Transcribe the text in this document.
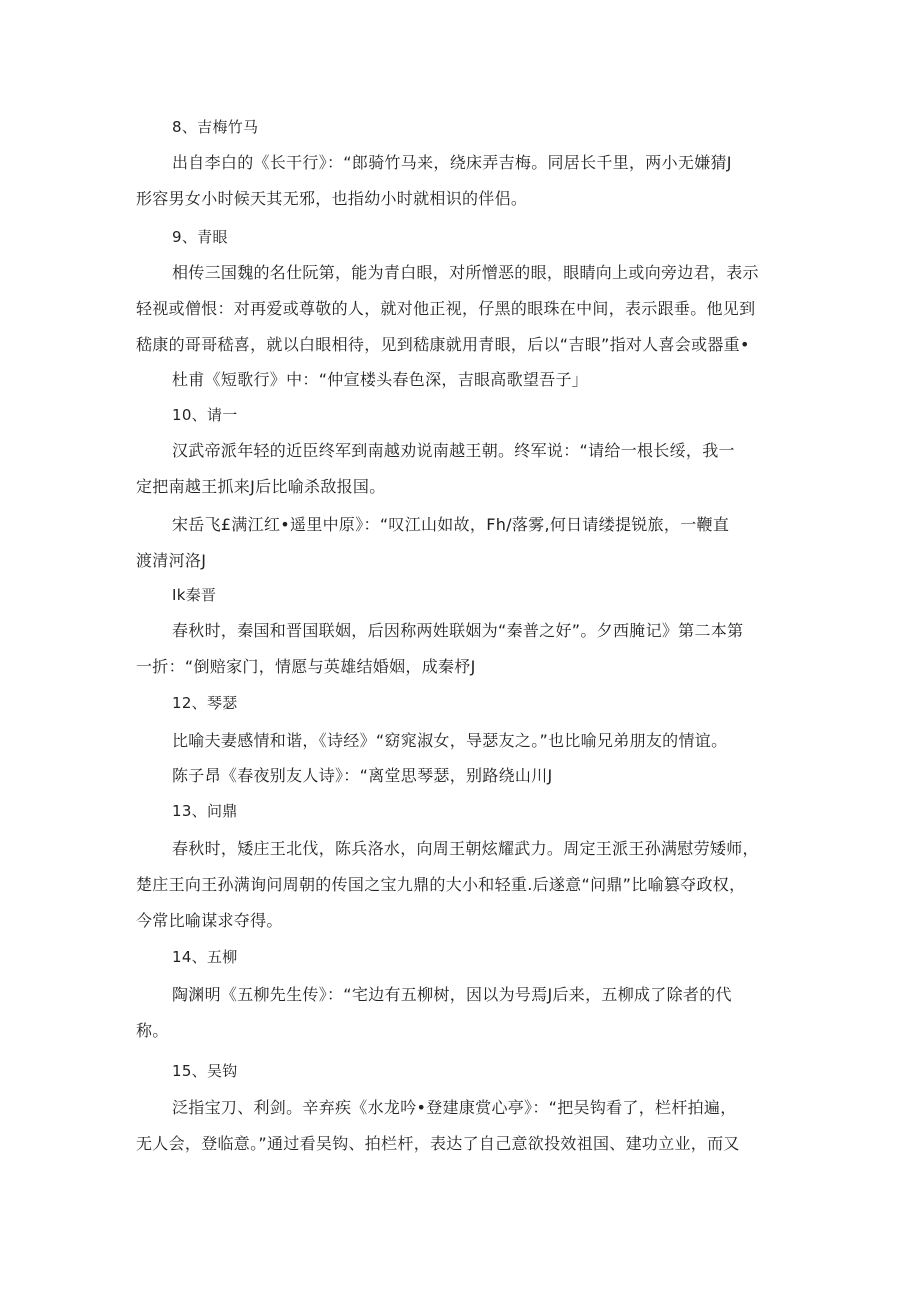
8、吉梅竹马
出自李白的《长干行》：“郎骑竹马来，绕床弄吉梅。同居长千里，两小无嫌猜J
形容男女小时候天其无邪，也指幼小时就相识的伴侣。
9、青眼
相传三国魏的名仕阮第，能为青白眼，对所憎恶的眼，眼睛向上或向旁边君，表示
轻视或僧恨：对再爱或尊敬的人，就对他正视，仔黑的眼珠在中间，表示跟垂。他见到
嵇康的哥哥嵇喜，就以白眼相待，见到嵇康就用青眼，后以“吉眼”指对人喜会或器重•
杜甫《短歌行》中：“仲宣楼头春色深，吉眼高歌望吾子」
10、请一
汉武帝派年轻的近臣终军到南越劝说南越王朝。终军说：“请给一根长绥，我一
定把南越王抓来J后比喻杀敌报国。
宋岳飞£满江红•遥里中原》：“叹江山如故，Fh/落雾,何日请缕提锐旅，一鞭直
渡清河洛J
Ik秦晋
春秋时，秦国和晋国联姻，后因称两姓联姻为“秦普之好”。夕西腌记》第二本第
一折：“倒赔家门，情愿与英雄结婚姻，成秦杼J
12、琴瑟
比喻夫妻感情和谐，《诗经》“窈窕淑女，导瑟友之。”也比喻兄弟朋友的情谊。
陈子昂《春夜别友人诗》：“离堂思琴瑟，别路绕山川J
13、问鼎
春秋时，矮庄王北伐，陈兵洛水，向周王朝炫耀武力。周定王派王孙满慰劳矮师，
楚庄王向王孙满询问周朝的传国之宝九鼎的大小和轻重.后遂意“问鼎”比喻篡夺政权，
今常比喻谋求夺得。
14、五柳
陶渊明《五柳先生传》：“宅边有五柳树，因以为号焉J后来，五柳成了除者的代
称。
15、吴钩
泛指宝刀、利剑。辛弃疾《水龙吟•登建康赏心亭》：“把吴钩看了，栏杆拍遍，
无人会，登临意。”通过看吴钩、拍栏杆，表达了自己意欲投效祖国、建功立业，而又
